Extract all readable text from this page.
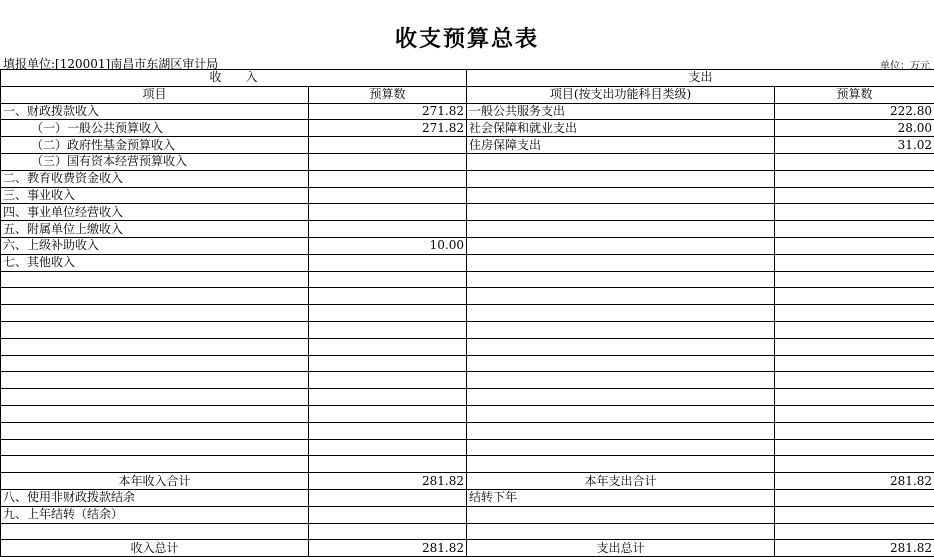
收支预算总表
填报单位:[120001]南昌市东湖区审计局	单位：万元
收　　入		支出	
项目	预算数	项目(按支出功能科目类级)	预算数
一、财政拨款收入	271.82	一般公共服务支出	222.80
（一）一般公共预算收入	271.82	社会保障和就业支出	28.00
（二）政府性基金预算收入		住房保障支出	31.02
（三）国有资本经营预算收入			
二、教育收费资金收入			
三、事业收入			
四、事业单位经营收入			
五、附属单位上缴收入			
六、上级补助收入	10.00		
七、其他收入			

本年收入合计	281.82	本年支出合计	281.82
八、使用非财政拨款结余		结转下年	
九、上年结转（结余）			

收入总计	281.82	支出总计	281.82
